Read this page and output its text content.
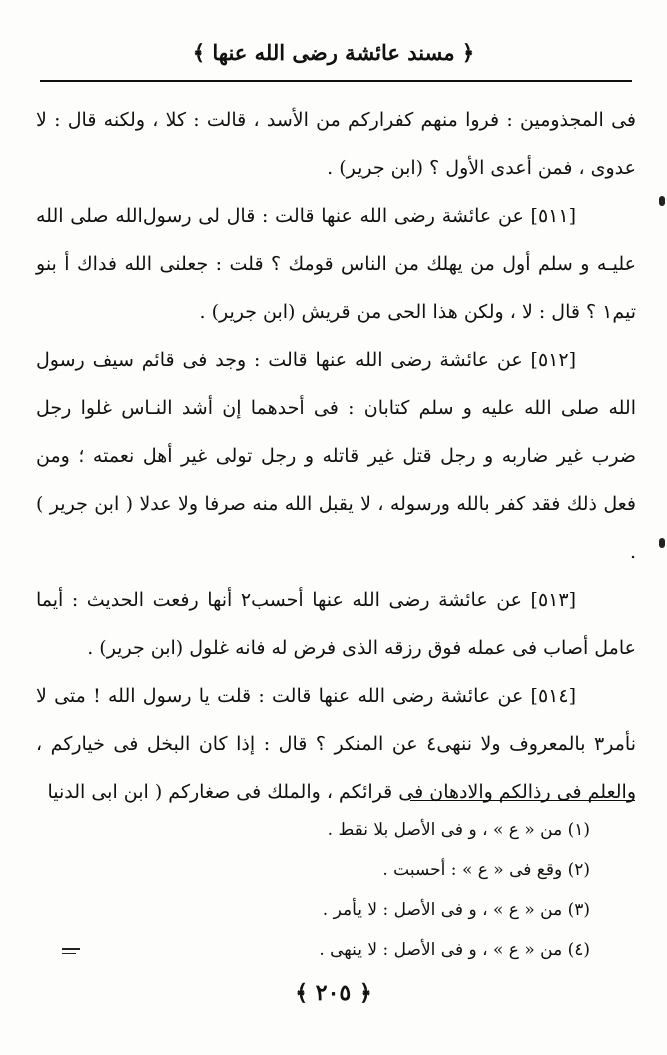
﴿ مسند عائشة رضى الله عنها ﴾

فى المجذومين : فروا منهم كفراركم من الأسد ، قالت : كلا ، ولكنه قال : لا عدوى ، فمن أعدى الأول ؟ (ابن جرير) .

[٥١١] عن عائشة رضى الله عنها قالت : قال لى رسول‌الله صلى الله عليـه و سلم أول من يهلك من الناس قومك ؟ قلت : جعلنى الله فداك أ بنو تيم١ ؟ قال : لا ، ولكن هذا الحى من قريش (ابن جرير) .

[٥١٢] عن عائشة رضى الله عنها قالت : وجد فى قائم سيف رسول الله صلى الله عليه و سلم كتابان : فى أحدهما إن أشد النـاس غلوا رجل ضرب غير ضاربه و رجل قتل غير قاتله و رجل تولى غير أهل نعمته ؛ ومن فعل ذلك فقد كفر بالله ورسوله ، لا يقبل الله منه صرفا ولا عدلا ( ابن جرير ) .

[٥١٣] عن عائشة رضى الله عنها أحسب٢ أنها رفعت الحديث : أيما عامل أصاب فى عمله فوق رزقه الذى فرض له فانه غلول (ابن جرير) .

[٥١٤] عن عائشة رضى الله عنها قالت : قلت يا رسول الله ! متى لا نأمر٣ بالمعروف ولا ننهى٤ عن المنكر ؟ قال : إذا كان البخل فى خياركم ، والعلم فى رذالكم والادهان فى قرائكم ، والملك فى صغاركم ( ابن ابى الدنيا

(١) من « ع » ، و فى الأصل بلا نقط .

(٢) وقع فى « ع » : أحسبت .

(٣) من « ع » ، و فى الأصل : لا يأمر .

(٤) من « ع » ، و فى الأصل : لا ينهى .

﴿ ٢٠٥ ﴾
